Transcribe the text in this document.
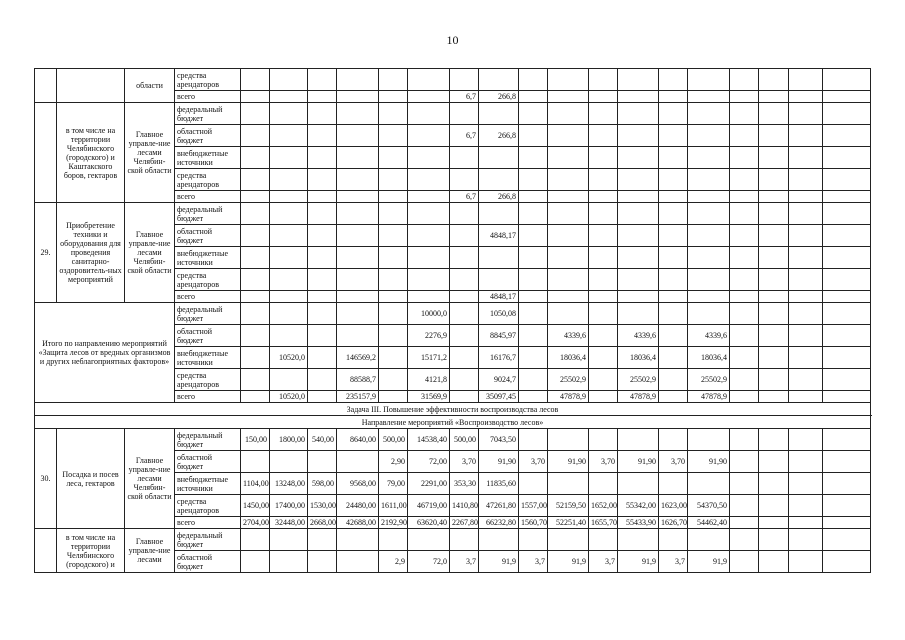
10
		области	средства арендаторов																				
			всего							6,7	266,8												
	в том числе на территории Челябинского (городского) и Каштакского боров, гектаров	Главное управле-ние лесами Челябин-ской области	федеральный бюджет																				
			областной бюджет							6,7	266,8												
			внебюджетные источники																				
			средства арендаторов																				
			всего							6,7	266,8												
29.	Приобретение техники и оборудования для проведения санитарно-оздоровитель-ных мероприятий	Главное управле-ние лесами Челябин-ской области	федеральный бюджет																				
			областной бюджет								4848,17												
			внебюджетные источники																				
			средства арендаторов																				
			всего								4848,17												
Итого по направлению мероприятий «Защита лесов от вредных организмов и других неблагоприятных факторов»			федеральный бюджет						10000,0		1050,08												
			областной бюджет						2276,9		8845,97		4339,6		4339,6		4339,6						
			внебюджетные источники		10520,0		146569,2		15171,2		16176,7		18036,4		18036,4		18036,4						
			средства арендаторов				88588,7		4121,8		9024,7		25502,9		25502,9		25502,9						
			всего		10520,0		235157,9		31569,9		35097,45		47878,9		47878,9		47878,9						
Задача III. Повышение эффективности воспроизводства лесов																						
Направление мероприятий «Воспроизводство лесов»																						
30.	Посадка и посев леса, гектаров	Главное управле-ние лесами Челябин-ской области	федеральный бюджет	150,00	1800,00	540,00	8640,00	500,00	14538,40	500,00	7043,50												
			областной бюджет					2,90	72,00	3,70	91,90	3,70	91,90	3,70	91,90	3,70	91,90						
			внебюджетные источники	1104,00	13248,00	598,00	9568,00	79,00	2291,00	353,30	11835,60												
			средства арендаторов	1450,00	17400,00	1530,00	24480,00	1611,00	46719,00	1410,80	47261,80	1557,00	52159,50	1652,00	55342,00	1623,00	54370,50						
			всего	2704,00	32448,00	2668,00	42688,00	2192,90	63620,40	2267,80	66232,80	1560,70	52251,40	1655,70	55433,90	1626,70	54462,40						
	в том числе на территории Челябинского (городского) и	Главное управле-ние лесами	федеральный бюджет																				
			областной бюджет					2,9	72,0	3,7	91,9	3,7	91,9	3,7	91,9	3,7	91,9						
